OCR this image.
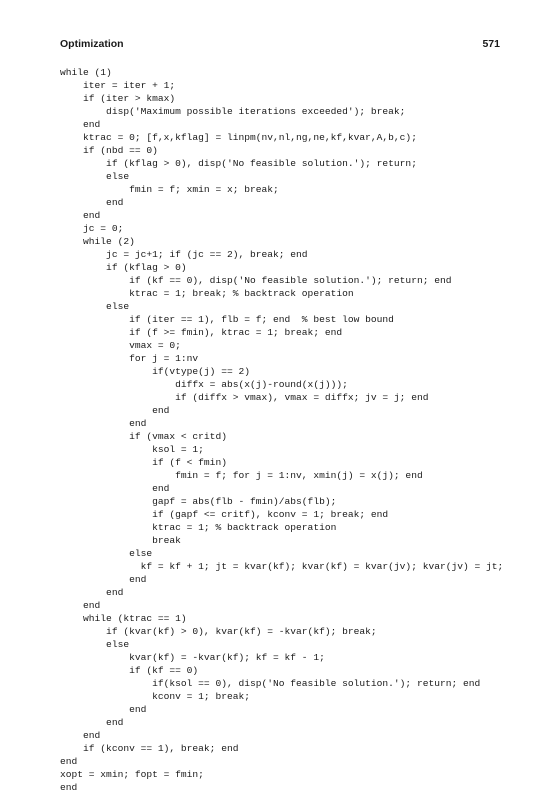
Optimization	571
while (1)
iter = iter + 1;
if (iter > kmax)
disp('Maximum possible iterations exceeded'); break;
end
ktrac = 0; [f,x,kflag] = linpm(nv,nl,ng,ne,kf,kvar,A,b,c);
if (nbd == 0)
if (kflag > 0), disp('No feasible solution.'); return;
else
fmin = f; xmin = x; break;
end
end
jc = 0;
while (2)
jc = jc+1; if (jc == 2), break; end
if (kflag > 0)
if (kf == 0), disp('No feasible solution.'); return; end
ktrac = 1; break; % backtrack operation
else
if (iter == 1), flb = f; end  % best low bound
if (f >= fmin), ktrac = 1; break; end
vmax = 0;
for j = 1:nv
if(vtype(j) == 2)
diffx = abs(x(j)-round(x(j)));
if (diffx > vmax), vmax = diffx; jv = j; end
end
end
if (vmax < critd)
ksol = 1;
if (f < fmin)
fmin = f; for j = 1:nv, xmin(j) = x(j); end
end
gapf = abs(flb - fmin)/abs(flb);
if (gapf <= critf), kconv = 1; break; end
ktrac = 1; % backtrack operation
break
else
kf = kf + 1; jt = kvar(kf); kvar(kf) = kvar(jv); kvar(jv) = jt;
end
end
end
while (ktrac == 1)
if (kvar(kf) > 0), kvar(kf) = -kvar(kf); break;
else
kvar(kf) = -kvar(kf); kf = kf - 1;
if (kf == 0)
if(ksol == 0), disp('No feasible solution.'); return; end
kconv = 1; break;
end
end
end
if (kconv == 1), break; end
end
xopt = xmin; fopt = fmin;
end
